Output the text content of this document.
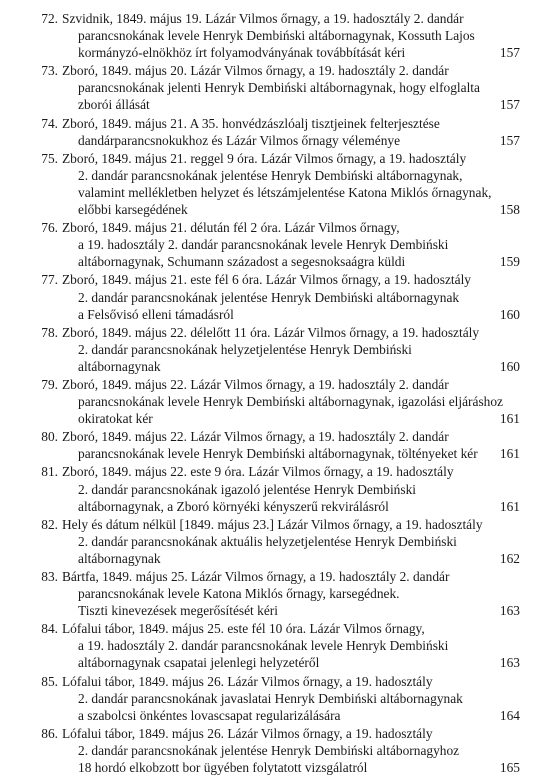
72. Szvidnik, 1849. május 19. Lázár Vilmos őrnagy, a 19. hadosztály 2. dandár
parancsnokának levele Henryk Dembiński altábornagynak, Kossuth Lajos
kormányzó-elnökhöz írt folyamodványának továbbítását kéri	157
73. Zboró, 1849. május 20. Lázár Vilmos őrnagy, a 19. hadosztály 2. dandár
parancsnokának jelenti Henryk Dembiński altábornagynak, hogy elfoglalta
zborói állását	157
74. Zboró, 1849. május 21. A 35. honvédzászlóalj tisztjeinek felterjesztése
dandárparancsnokukhoz és Lázár Vilmos őrnagy véleménye	157
75. Zboró, 1849. május 21. reggel 9 óra. Lázár Vilmos őrnagy, a 19. hadosztály
2. dandár parancsnokának jelentése Henryk Dembiński altábornagynak,
valamint mellékletben helyzet és létszámjelentése Katona Miklós őrnagynak,
előbbi karsegédének	158
76. Zboró, 1849. május 21. délután fél 2 óra. Lázár Vilmos őrnagy,
a 19. hadosztály 2. dandár parancsnokának levele Henryk Dembiński
altábornagynak, Schumann századost a segesnoksaágra küldi	159
77. Zboró, 1849. május 21. este fél 6 óra. Lázár Vilmos őrnagy, a 19. hadosztály
2. dandár parancsnokának jelentése Henryk Dembiński altábornagynak
a Felsővisó elleni támadásról	160
78. Zboró, 1849. május 22. délelőtt 11 óra. Lázár Vilmos őrnagy, a 19. hadosztály
2. dandár parancsnokának helyzetjelentése Henryk Dembiński
altábornagynak	160
79. Zboró, 1849. május 22. Lázár Vilmos őrnagy, a 19. hadosztály 2. dandár
parancsnokának levele Henryk Dembiński altábornagynak, igazolási eljáráshoz
okiratokat kér	161
80. Zboró, 1849. május 22. Lázár Vilmos őrnagy, a 19. hadosztály 2. dandár
parancsnokának levele Henryk Dembiński altábornagynak, töltényeket kér	161
81. Zboró, 1849. május 22. este 9 óra. Lázár Vilmos őrnagy, a 19. hadosztály
2. dandár parancsnokának igazoló jelentése Henryk Dembiński
altábornagynak, a Zboró környéki kényszerű rekvirálásról	161
82. Hely és dátum nélkül [1849. május 23.] Lázár Vilmos őrnagy, a 19. hadosztály
2. dandár parancsnokának aktuális helyzetjelentése Henryk Dembiński
altábornagynak	162
83. Bártfa, 1849. május 25. Lázár Vilmos őrnagy, a 19. hadosztály 2. dandár
parancsnokának levele Katona Miklós őrnagy, karsegédnek.
Tiszti kinevezések megerősítését kéri	163
84. Lófalui tábor, 1849. május 25. este fél 10 óra. Lázár Vilmos őrnagy,
a 19. hadosztály 2. dandár parancsnokának levele Henryk Dembiński
altábornagynak csapatai jelenlegi helyzetéről	163
85. Lófalui tábor, 1849. május 26. Lázár Vilmos őrnagy, a 19. hadosztály
2. dandár parancsnokának javaslatai Henryk Dembiński altábornagynak
a szabolcsi önkéntes lovascsapat regularizálására	164
86. Lófalui tábor, 1849. május 26. Lázár Vilmos őrnagy, a 19. hadosztály
2. dandár parancsnokának jelentése Henryk Dembiński altábornagyhoz
18 hordó elkobzott bor ügyében folytatott vizsgálatról	165
